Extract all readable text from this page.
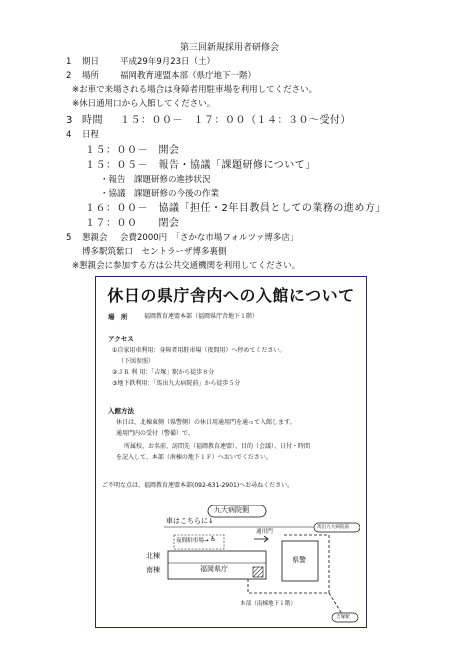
第三回新規採用者研修会
1 期日 平成29年9月23日（土）
2 場所 福岡教育連盟本部（県庁地下一階）
※お車で来場される場合は身障者用駐車場を利用してください。
※休日通用口から入館してください。
3 時間 １５：００－　１７：００（１４：３０～受付）
4 日程
１５：００－　開会
１５：０５－　報告・協議「課題研修について」
・報告　課題研修の進捗状況
・協議　課題研修の今後の作業
１６：００－　協議「担任・2年目教員としての業務の進め方」
１７：００　　閉会
5 懇親会 会費2000円　「さかな市場フォルツァ博多店」
博多駅筑紫口　セントラーザ博多裏側
※懇親会に参加する方は公共交通機関を利用してください。
休日の県庁舎内への入館について
場　所	福岡教育連盟本部（福岡県庁舎地下１階）
アクセス
①自家用車利用：身障者用駐車場（夜間用）へ停めてください。
（下図参照）
②ＪＲ 利 用：「吉塚」駅から徒歩８分
③地下鉄利用：「馬出九大病院前」から徒歩５分
入館方法
休日は、北棟東側（県警側）の休日用通用門を通って入館します。
通用門内の受付（警備）で、
所属校、お名前、訪問先（福岡教育連盟）、目的（会議）、日付・時間
を記入して、本部（南棟の地下１Ｆ）へおいでください。
ご不明な点は、福岡教育連盟本部(092-631-2901)へお尋ねください。
九大病院側
車はこちらに↓
通用門
夜間駐車場→ ♿
北棟
南棟	福岡県庁
県警
本部（南棟地下１階）
馬出九大病院前
吉塚駅
